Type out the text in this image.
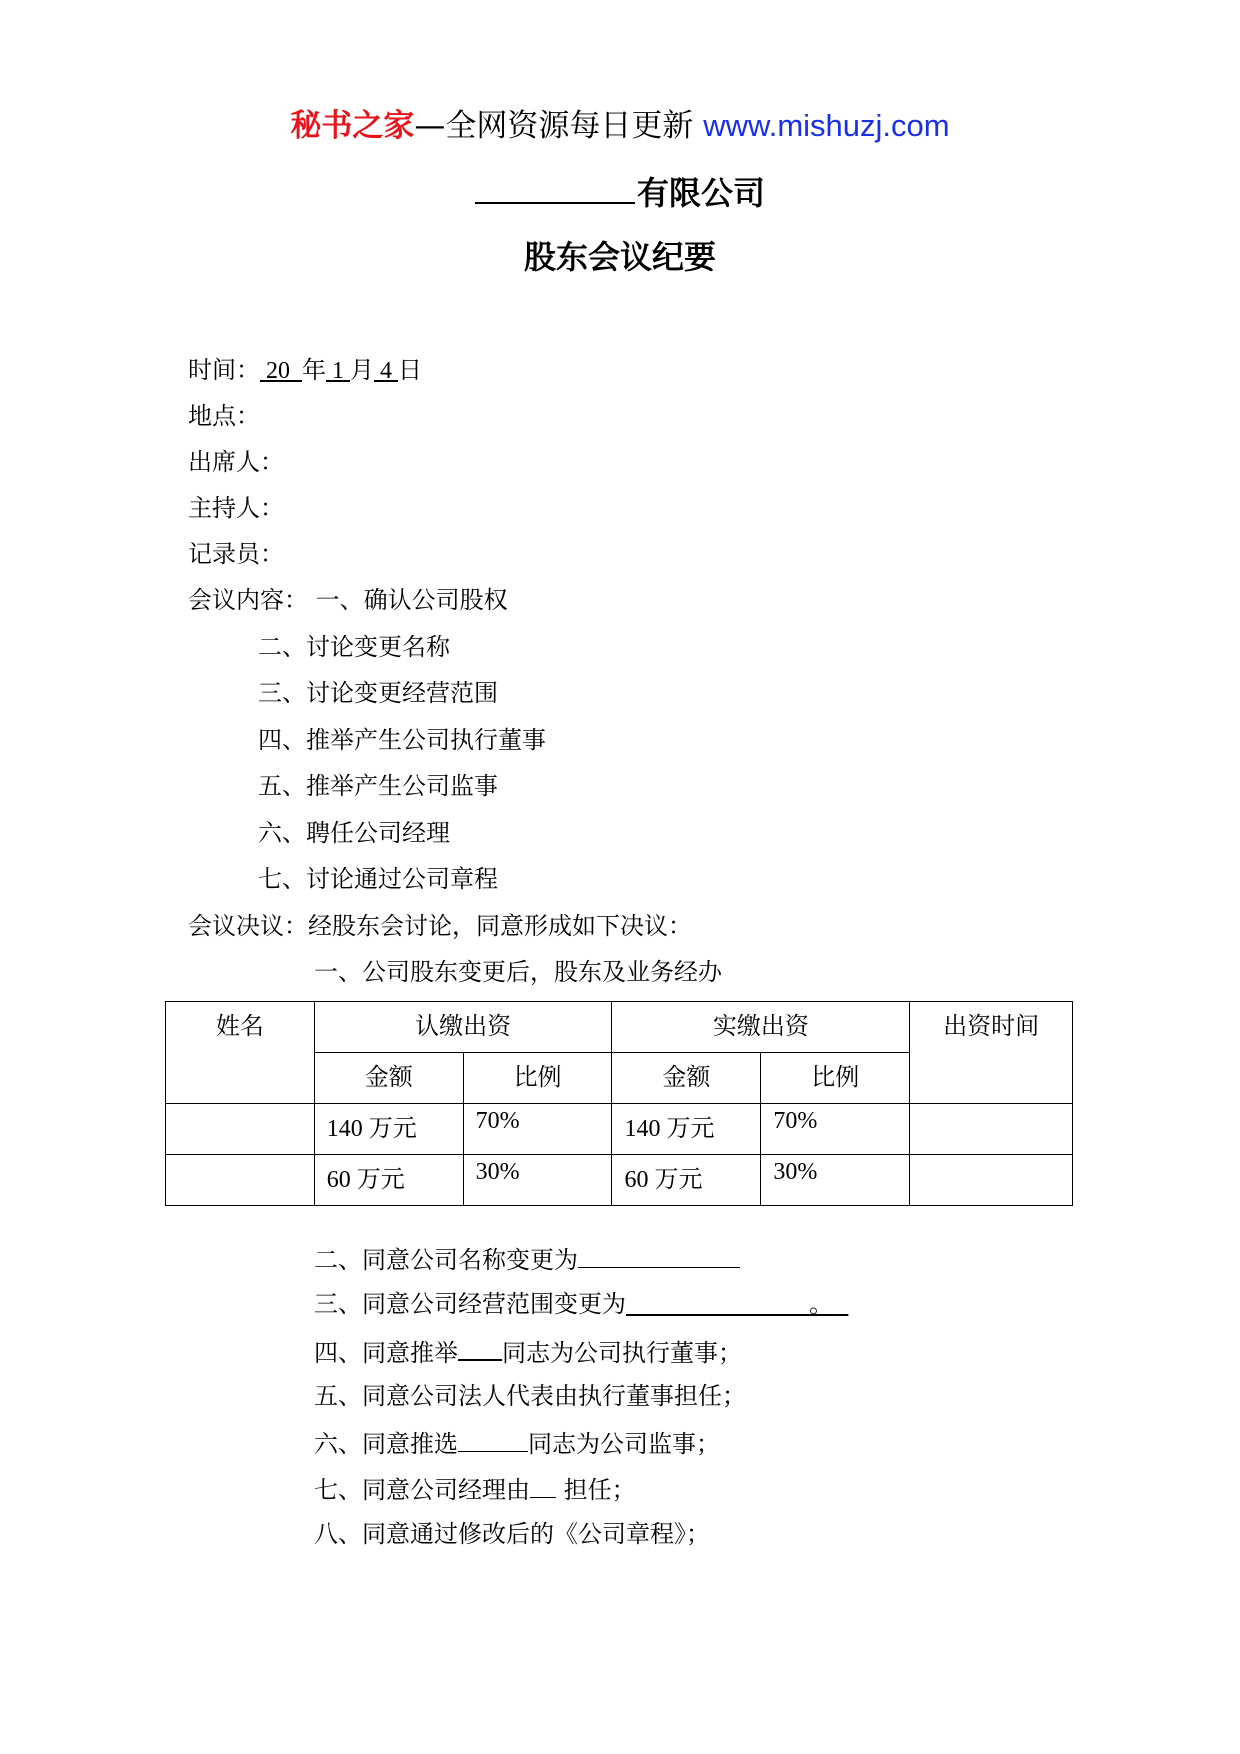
秘书之家—全网资源每日更新 www.mishuzj.com
有限公司
股东会议纪要
时间： 20 年 1 月 4 日
地点：
出席人：
主持人：
记录员：
会议内容： 一、确认公司股权
二、讨论变更名称
三、讨论变更经营范围
四、推举产生公司执行董事
五、推举产生公司监事
六、聘任公司经理
七、讨论通过公司章程
会议决议：经股东会讨论，同意形成如下决议：
一、公司股东变更后，股东及业务经办
姓名	认缴出资		实缴出资		出资时间
	金额	比例	金额	比例	
	140 万元	70%	140 万元	70%	
	60 万元	30%	60 万元	30%	
二、同意公司名称变更为
三、同意公司经营范围变更为	。
四、同意推举 同志为公司执行董事；
五、同意公司法人代表由执行董事担任；
六、同意推选	同志为公司监事；
七、同意公司经理由 担任；
八、同意通过修改后的《公司章程》；
